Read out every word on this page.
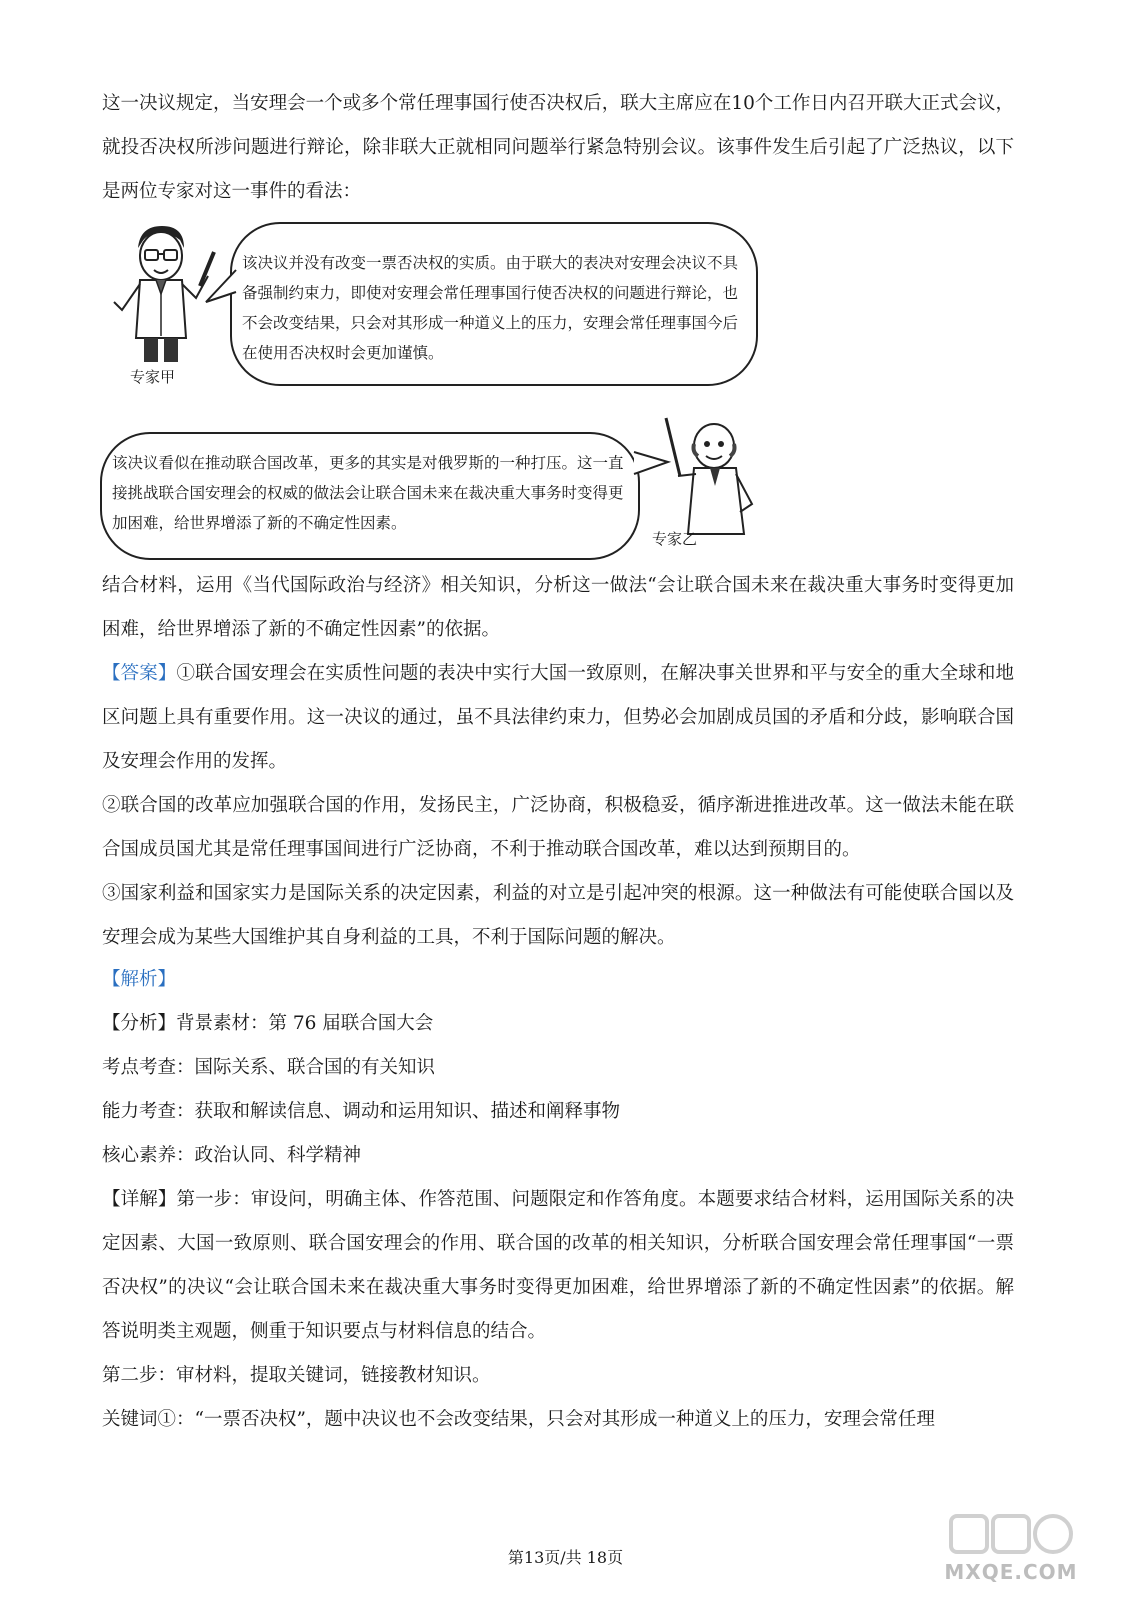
这一决议规定，当安理会一个或多个常任理事国行使否决权后，联大主席应在10个工作日内召开联大正式会议，就投否决权所涉问题进行辩论，除非联大正就相同问题举行紧急特别会议。该事件发生后引起了广泛热议，以下是两位专家对这一事件的看法：

专家甲

该决议并没有改变一票否决权的实质。由于联大的表决对安理会决议不具备强制约束力，即使对安理会常任理事国行使否决权的问题进行辩论，也不会改变结果，只会对其形成一种道义上的压力，安理会常任理事国今后在使用否决权时会更加谨慎。

该决议看似在推动联合国改革，更多的其实是对俄罗斯的一种打压。这一直接挑战联合国安理会的权威的做法会让联合国未来在裁决重大事务时变得更加困难，给世界增添了新的不确定性因素。

专家乙

结合材料，运用《当代国际政治与经济》相关知识，分析这一做法“会让联合国未来在裁决重大事务时变得更加困难，给世界增添了新的不确定性因素”的依据。

【答案】①联合国安理会在实质性问题的表决中实行大国一致原则，在解决事关世界和平与安全的重大全球和地区问题上具有重要作用。这一决议的通过，虽不具法律约束力，但势必会加剧成员国的矛盾和分歧，影响联合国及安理会作用的发挥。

②联合国的改革应加强联合国的作用，发扬民主，广泛协商，积极稳妥，循序渐进推进改革。这一做法未能在联合国成员国尤其是常任理事国间进行广泛协商，不利于推动联合国改革，难以达到预期目的。

③国家利益和国家实力是国际关系的决定因素，利益的对立是引起冲突的根源。这一种做法有可能使联合国以及安理会成为某些大国维护其自身利益的工具，不利于国际问题的解决。

【解析】

【分析】背景素材：第 76 届联合国大会

考点考查：国际关系、联合国的有关知识

能力考查：获取和解读信息、调动和运用知识、描述和阐释事物

核心素养：政治认同、科学精神

【详解】第一步：审设问，明确主体、作答范围、问题限定和作答角度。本题要求结合材料，运用国际关系的决定因素、大国一致原则、联合国安理会的作用、联合国的改革的相关知识，分析联合国安理会常任理事国“一票否决权”的决议“会让联合国未来在裁决重大事务时变得更加困难，给世界增添了新的不确定性因素”的依据。解答说明类主观题，侧重于知识要点与材料信息的结合。

第二步：审材料，提取关键词，链接教材知识。

关键词①：“一票否决权”，题中决议也不会改变结果，只会对其形成一种道义上的压力，安理会常任理

第13页/共 18页
MXQE.COM
